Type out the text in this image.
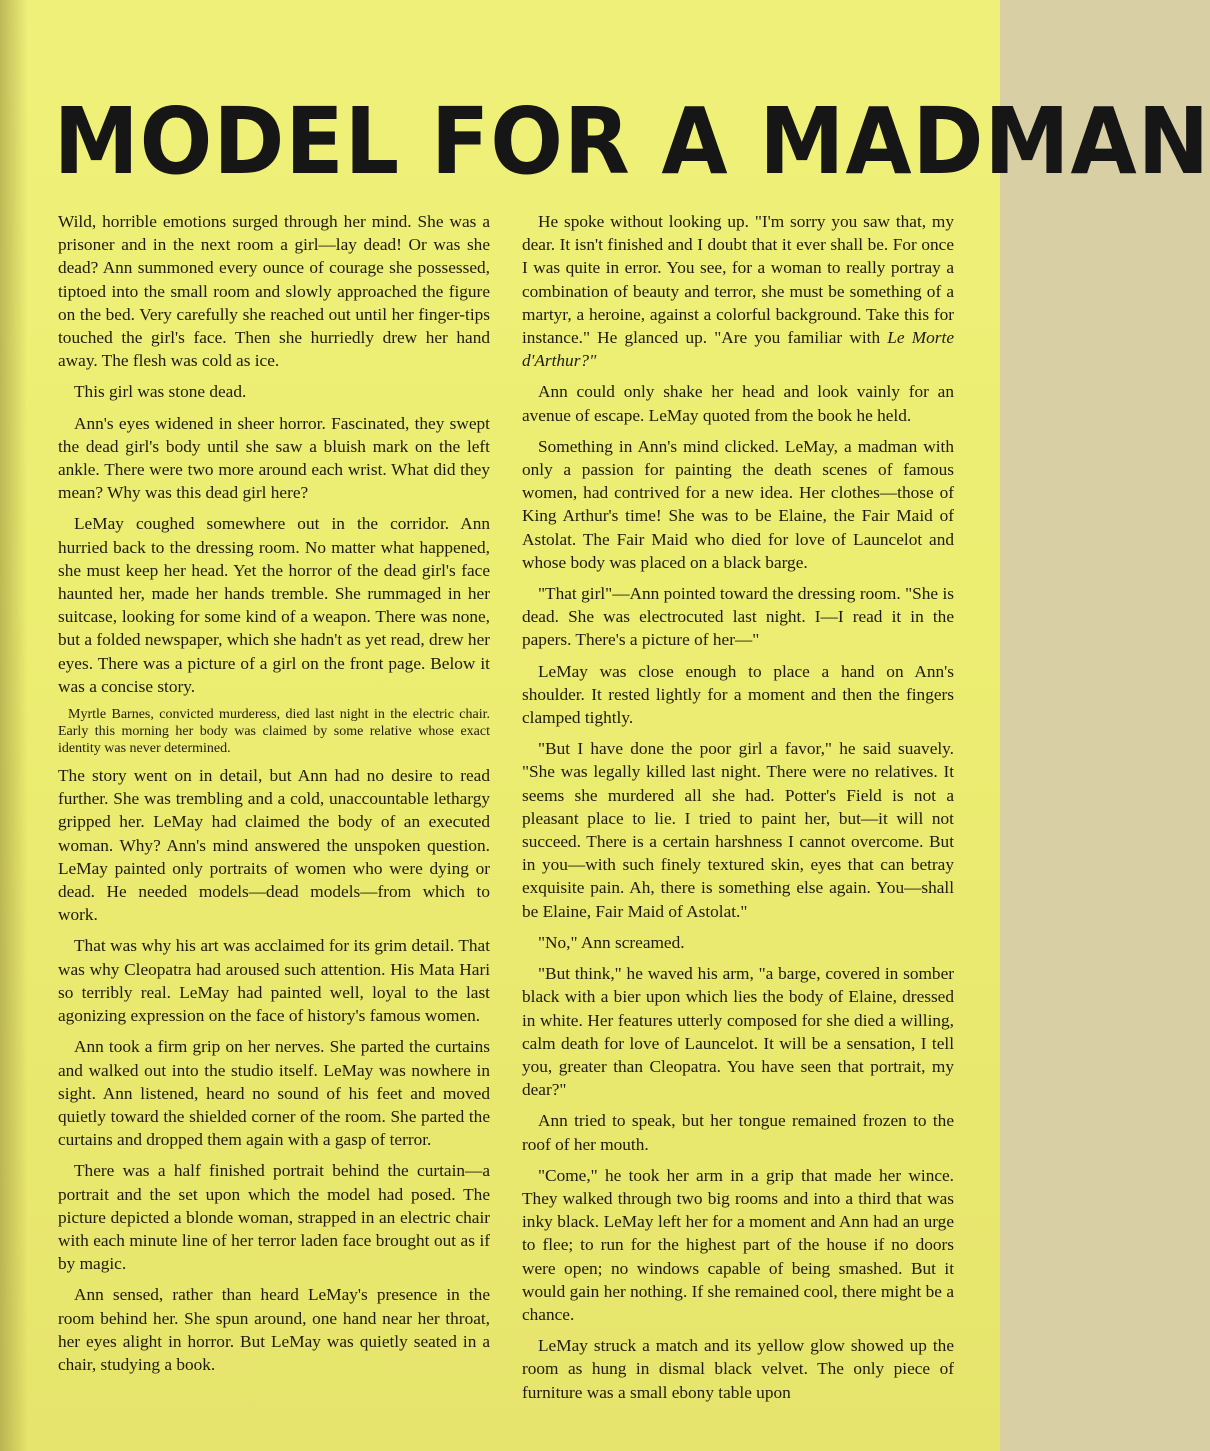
MODEL FOR A MADMAN

Wild, horrible emotions surged through her mind. She was a prisoner and in the next room a girl—lay dead! Or was she dead? Ann summoned every ounce of courage she possessed, tiptoed into the small room and slowly approached the figure on the bed. Very carefully she reached out until her finger-tips touched the girl's face. Then she hurriedly drew her hand away. The flesh was cold as ice.

This girl was stone dead.

Ann's eyes widened in sheer horror. Fascinated, they swept the dead girl's body until she saw a bluish mark on the left ankle. There were two more around each wrist. What did they mean? Why was this dead girl here?

LeMay coughed somewhere out in the corridor. Ann hurried back to the dressing room. No matter what happened, she must keep her head. Yet the horror of the dead girl's face haunted her, made her hands tremble. She rummaged in her suitcase, looking for some kind of a weapon. There was none, but a folded newspaper, which she hadn't as yet read, drew her eyes. There was a picture of a girl on the front page. Below it was a concise story.

Myrtle Barnes, convicted murderess, died last night in the electric chair. Early this morning her body was claimed by some relative whose exact identity was never determined.

The story went on in detail, but Ann had no desire to read further. She was trembling and a cold, unaccountable lethargy gripped her. LeMay had claimed the body of an executed woman. Why? Ann's mind answered the unspoken question. LeMay painted only portraits of women who were dying or dead. He needed models—dead models—from which to work.

That was why his art was acclaimed for its grim detail. That was why Cleopatra had aroused such attention. His Mata Hari so terribly real. LeMay had painted well, loyal to the last agonizing expression on the face of history's famous women.

Ann took a firm grip on her nerves. She parted the curtains and walked out into the studio itself. LeMay was nowhere in sight. Ann listened, heard no sound of his feet and moved quietly toward the shielded corner of the room. She parted the curtains and dropped them again with a gasp of terror.

There was a half finished portrait behind the curtain—a portrait and the set upon which the model had posed. The picture depicted a blonde woman, strapped in an electric chair with each minute line of her terror laden face brought out as if by magic.

Ann sensed, rather than heard LeMay's presence in the room behind her. She spun around, one hand near her throat, her eyes alight in horror. But LeMay was quietly seated in a chair, studying a book.

He spoke without looking up. "I'm sorry you saw that, my dear. It isn't finished and I doubt that it ever shall be. For once I was quite in error. You see, for a woman to really portray a combination of beauty and terror, she must be something of a martyr, a heroine, against a colorful background. Take this for instance." He glanced up. "Are you familiar with Le Morte d'Arthur?"

Ann could only shake her head and look vainly for an avenue of escape. LeMay quoted from the book he held.

Something in Ann's mind clicked. LeMay, a madman with only a passion for painting the death scenes of famous women, had contrived for a new idea. Her clothes—those of King Arthur's time! She was to be Elaine, the Fair Maid of Astolat. The Fair Maid who died for love of Launcelot and whose body was placed on a black barge.

"That girl"—Ann pointed toward the dressing room. "She is dead. She was electrocuted last night. I—I read it in the papers. There's a picture of her—"

LeMay was close enough to place a hand on Ann's shoulder. It rested lightly for a moment and then the fingers clamped tightly.

"But I have done the poor girl a favor," he said suavely. "She was legally killed last night. There were no relatives. It seems she murdered all she had. Potter's Field is not a pleasant place to lie. I tried to paint her, but—it will not succeed. There is a certain harshness I cannot overcome. But in you—with such finely textured skin, eyes that can betray exquisite pain. Ah, there is something else again. You—shall be Elaine, Fair Maid of Astolat."

"No," Ann screamed.

"But think," he waved his arm, "a barge, covered in somber black with a bier upon which lies the body of Elaine, dressed in white. Her features utterly composed for she died a willing, calm death for love of Launcelot. It will be a sensation, I tell you, greater than Cleopatra. You have seen that portrait, my dear?"

Ann tried to speak, but her tongue remained frozen to the roof of her mouth.

"Come," he took her arm in a grip that made her wince. They walked through two big rooms and into a third that was inky black. LeMay left her for a moment and Ann had an urge to flee; to run for the highest part of the house if no doors were open; no windows capable of being smashed. But it would gain her nothing. If she remained cool, there might be a chance.

LeMay struck a match and its yellow glow showed up the room as hung in dismal black velvet. The only piece of furniture was a small ebony table upon
